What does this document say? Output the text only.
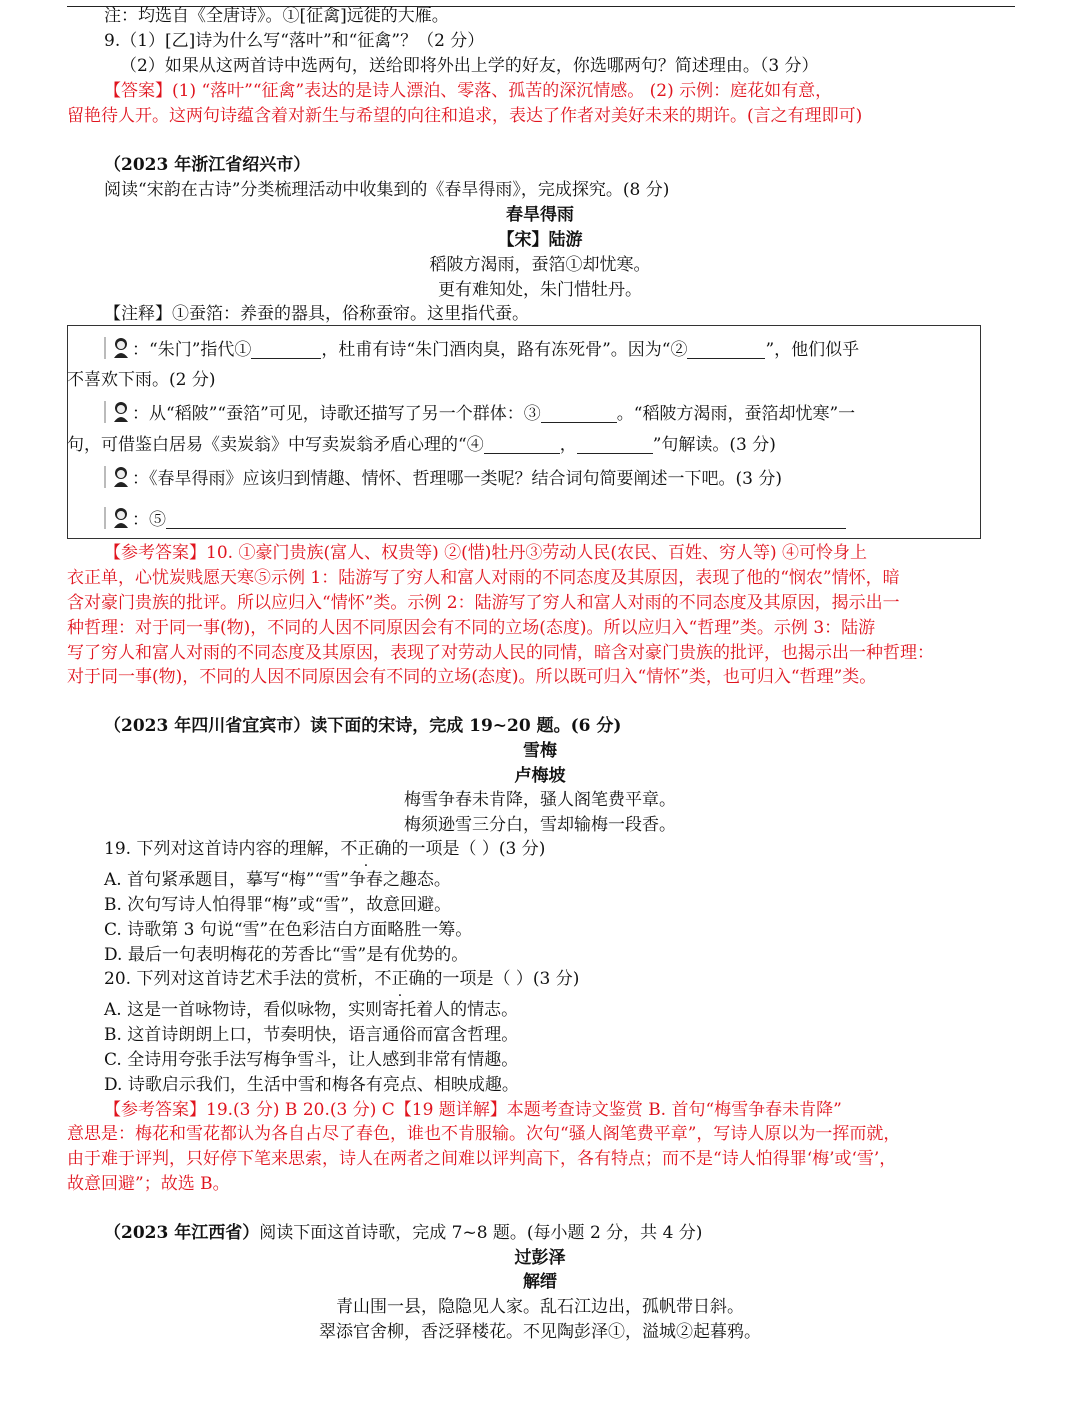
注：均选自《全唐诗》。①[征禽]远徙的大雁。
9.（1）[乙]诗为什么写“落叶”和“征禽”？（2 分）
（2）如果从这两首诗中选两句，送给即将外出上学的好友，你选哪两句？简述理由。（3 分）
【答案】(1) “落叶”“征禽”表达的是诗人漂泊、零落、孤苦的深沉情感。 (2) 示例：庭花如有意，
留艳待人开。这两句诗蕴含着对新生与希望的向往和追求，表达了作者对美好未来的期许。(言之有理即可)
（2023 年浙江省绍兴市）
阅读“宋韵在古诗”分类梳理活动中收集到的《春旱得雨》，完成探究。(8 分)
春旱得雨
【宋】陆游
稻陂方渴雨，蚕箔①却忧寒。
更有难知处，朱门惜牡丹。
【注释】①蚕箔：养蚕的器具，俗称蚕帘。这里指代蚕。
：“朱门”指代①	，杜甫有诗“朱门酒肉臭，路有冻死骨”。因为“②	”，他们似乎
不喜欢下雨。(2 分)
：从“稻陂”“蚕箔”可见，诗歌还描写了另一个群体：③	。“稻陂方渴雨，蚕箔却忧寒”一
句，可借鉴白居易《卖炭翁》中写卖炭翁矛盾心理的“④	，	”句解读。(3 分)
：《春旱得雨》应该归到情趣、情怀、哲理哪一类呢？结合词句简要阐述一下吧。(3 分)
：⑤
【参考答案】10. ①豪门贵族(富人、权贵等) ②(惜)牡丹③劳动人民(农民、百姓、穷人等) ④可怜身上
衣正单，心忧炭贱愿天寒⑤示例 1：陆游写了穷人和富人对雨的不同态度及其原因，表现了他的“悯农”情怀，暗
含对豪门贵族的批评。所以应归入“情怀”类。示例 2：陆游写了穷人和富人对雨的不同态度及其原因，揭示出一
种哲理：对于同一事(物)，不同的人因不同原因会有不同的立场(态度)。所以应归入“哲理”类。示例 3：陆游
写了穷人和富人对雨的不同态度及其原因，表现了对劳动人民的同情，暗含对豪门贵族的批评，也揭示出一种哲理：
对于同一事(物)，不同的人因不同原因会有不同的立场(态度)。所以既可归入“情怀”类，也可归入“哲理”类。
（2023 年四川省宜宾市）读下面的宋诗，完成 19~20 题。(6 分)
雪梅
卢梅坡
梅雪争春未肯降，骚人阁笔费平章。
梅须逊雪三分白，雪却输梅一段香。
19. 下列对这首诗内容的理解，不正确的一项是（ ）(3 分)
A. 首句紧承题目，摹写“梅”“雪”争春之趣态。
B. 次句写诗人怕得罪“梅”或“雪”，故意回避。
C. 诗歌第 3 句说“雪”在色彩洁白方面略胜一筹。
D. 最后一句表明梅花的芳香比“雪”是有优势的。
20. 下列对这首诗艺术手法的赏析，不正确的一项是（ ）(3 分)
A. 这是一首咏物诗，看似咏物，实则寄托着人的情志。
B. 这首诗朗朗上口，节奏明快，语言通俗而富含哲理。
C. 全诗用夸张手法写梅争雪斗，让人感到非常有情趣。
D. 诗歌启示我们，生活中雪和梅各有亮点、相映成趣。
【参考答案】19.(3 分) B 20.(3 分) C【19 题详解】本题考查诗文鉴赏 B. 首句“梅雪争春未肯降”
意思是：梅花和雪花都认为各自占尽了春色，谁也不肯服输。次句“骚人阁笔费平章”，写诗人原以为一挥而就，
由于难于评判，只好停下笔来思索，诗人在两者之间难以评判高下，各有特点；而不是“诗人怕得罪‘梅’或‘雪’，
故意回避”；故选 B。
（2023 年江西省）阅读下面这首诗歌，完成 7~8 题。(每小题 2 分，共 4 分)
过彭泽
解缙
青山围一县，隐隐见人家。乱石江边出，孤帆带日斜。
翠添官舍柳，香泛驿楼花。不见陶彭泽①，溢城②起暮鸦。
